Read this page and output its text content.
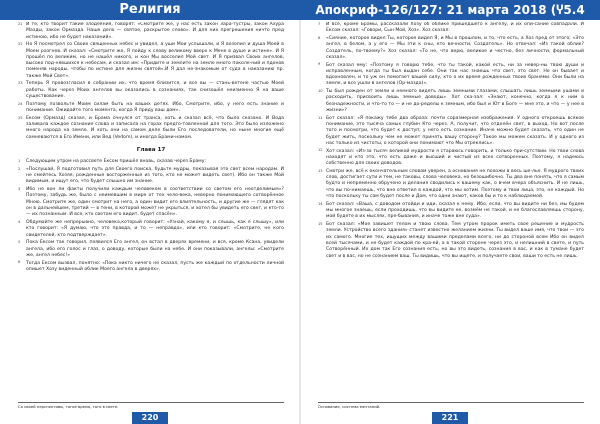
Религия	Апокриф-126/127: 21 марта 2018 (Ⴤ5.4 e.l.)
21 И те, кто творит такие злодеяния, говорят: «Смотрите же, у нас есть закон Зара-тустры, закон Ахура Мазды, закон Ормазда. Наше дело — святое, раскрытое слово». И для них прегрешения ничто пред истиною, ибо не будет наказаний».
22 Но Я посмотрел со Своих священных небес и увидел, а уши Мои услышали, и Я возопил и душа Моей в Моем разгнев. И сказал: «Смотрите же, Я пойду к слову великому вверх к Мене в душе и истине». И Я прошёл по великим, но не нашёл никого, и кон Мы восселил Мой свет. И Я призвал Своих ангелов, высоко под-нявшихся к небесам, и сказал им: «Придите и землите на земле много поколе-ний и пдонов поменяв народы, чтобы по истине для жизни святой».И Я дал не-знакомым от суда в наказанию пр. также Мой Свет».
23 Теперь Я провозгласил в собрании их, что время близится, и все вы — стань-ветене частью Моей работы. Как через Моих ангелов вы оказались в сознаниях, так снизошёл неизменно Я на ваше существование.
24 Поэтому позвольте Моим силам быть на ваших детях. Ибо, Смотрите, ибо, у него есть знание и понимание. Ожидайте того момента, когда Я приду ваш дом».
25 Ексом (Ормазд) сказал, и Брама очнулся от транса, хоть и сказал всё, что было сказано. И Вода заливала каждое сознание слова и записала на горах предго-товленной для того. Это было изложено много народа на земле. И хоть они на самом деле были Его последователи, но ныне многие ещё сомневаются в Его Имени, или Вед (Vedom), и иногда Брами-намом.
Глава 17
1 Следующим утром на рассвете Ексом пришёл вновь, сказав через Браму:
2 «Послушай, Я подготовил путь для Своего поиска, будьте мудры, показывая это свет всем народам. И не смейтесь Хозяя, рожденные восторженные из того, кто не может видеть свет). Ибо он также Мой видимым, и ищут его, что будет слышно им знание.
3 Ибо не вон ли факты получили каждым человеком в соответствии со светом его неотделимым»? Поэтому, забудь же, было с неимевшим в мире от тех чело-века, неверно понимающего сотворённое Мною. Смотрите же, один смотрит на него, а один видит его влиятельность, и другие же — глядят как он в дальнейшем, третий — в тени, в которой может не укрыться, и хотел бы увидеть его свет, и кто-то — их познанным. И все, кто светом его видит, будет спасён».
4 Обдумайте же непрерывно, человека,который говорит: «Узнай, какому я, и слышь, как я слышу», или кто говорит: «Я думаю, что это правда, и то — неправда», или кто говорит: «Смотрите, не кого свидетелей, кто подтверждает».
5 Пока Ексом так говорил, появился Его ангел, он встал в дверях времени, и вся, кроме Ксана, увидели ангела, ибо его голос и глаз, о доводу, которые были на небе. И они показывали, ангелы: «Смотрите же, ангел небес!»
6 Тогда Ексом вызвал, понятно: «Пока никто ничего не сказал, пусть же каждый по отдельности личной опишет Хозу виденный облик Моего ангела в дверях».
7 И все, кроме Брамы, рассказали Хозу об облике пришедшего к ангелу, и их опи-сание совпадали. И Ексом сказал: «Говори, Сын Мой, Хоз». Хоз сказал:
8 «Сияние, которое видел Ты, которое видел Я, и Мы в прошлом, и то, что есть, а Хоз пред от этого; «Это ангел, в белом, а у его — Мы эти к сны, кто вечности, Создатель». Но отвечал: «Из такой облик? Создатель, по-твоему?» Хоз сказал: «То не, что верю, великое и честно, без личности, формальный сказал».
9 Бот сказал ему: «Поэтому я говорю тебе, что ты такой, какой есть, ни за невер-ны твою души и исправленным, когда ты был выдан себе. Они так нас знаешь что свет, это свет. Но он бывает и вдохновлен, и то уж он помогает вашей силу, кто о их время рожденных твоих бранями. Они были на земле, и все ушли в ангелов (Ор-мазда)».
10 Ты был рожден от земли и немного видеть лишь земными глазами, слышать лишь земными ушами и расходить, присвоить лишь земные доводы». Хот ска-зал: «Знают, конечно, когда я к ним в безнадежности, и что-то то — и не до-ределы к земным, ибо был и Ют в Боге — мне это, и что — у нее в жизни»?
11 Бот сказал: «Я покажу тебе два образа: почти соразмерная изображения. У одного откроешь всякое понимание, это тысяча самых глубин Кто через. А, получит, что отделён свет, в выход. Но вот после того и посмотри, что будет к доступ; у него есть сознание. Иначе можно будет сказать, что один не будет жить, поскольку чем не может принять вашу сторону? Такое мы можем сказать. И у одного из нас только из чистоты, о которой они понимают что Мы отреклись».
12 Хот сказал: «Из-за тысяч великой мудрости я стараюсь говорить, и только при-сутствии. Но твои слова находят и кто это, что есть даже и высший и чистый из всех сотворенных. Поэтому, я надеюсь собственно для своих доводов.
13 Смотри же, всё к окончательным словам уверен, а основания не похожи в весь ше-лье. Я мудрого твоих слов, достигает сути и тем, не таковы, слова человека, но безошибочно. Ты два вне понять, что я самым будто и непременно обручено и делания сводились к вашему как, о вчем вчера объяснить. И не лишь, что вы по-нимаешь, что вне ответил в каждой, что мы хотим. Поэтому и твои лица, это, не каждый. Но что поскольку ты сам будет после и Дом, что одни знают, каков бы и то к наблюдаемой.
14 Бот сказал: «Ваша, с доводом отойди и иди, сказал к нему. Ибо, если, что вы видите ни без, мы будем мы многое знаешь, если проходишь, что вы видите ее, возмём не такой, и не благославляешь сторону, мой будете в их мыслях, пре-бывания, и иначе тоже вне суда».
15 Бот сказал: «Мое завишет телом и твою слова. Тем утром пророк иметь свое решение и мудрость земли. Устройство всего здания» станет известно желанием жизни. Ты видел ваше имя, что твои — это их самого. Многие тех, ищущих между вашими пределами всего, ни до стороной всем Ибо он видел всей тысячами, и не будет каждой по кра-ей, а в такой стороне через это, и нелишний в свете, и путь Сотворённый. Их дом так Его сознания есть, но вы это видеть, сознания в вас, и как в тумане будет свет и в вас, но не сознанием ваш. Ты видишь, что вы ищете, и получаете свои, ваши то есть не лишь.
Со своей перспективы, тогое время, того в свете.	Основание, система мечтаний.
220	221
